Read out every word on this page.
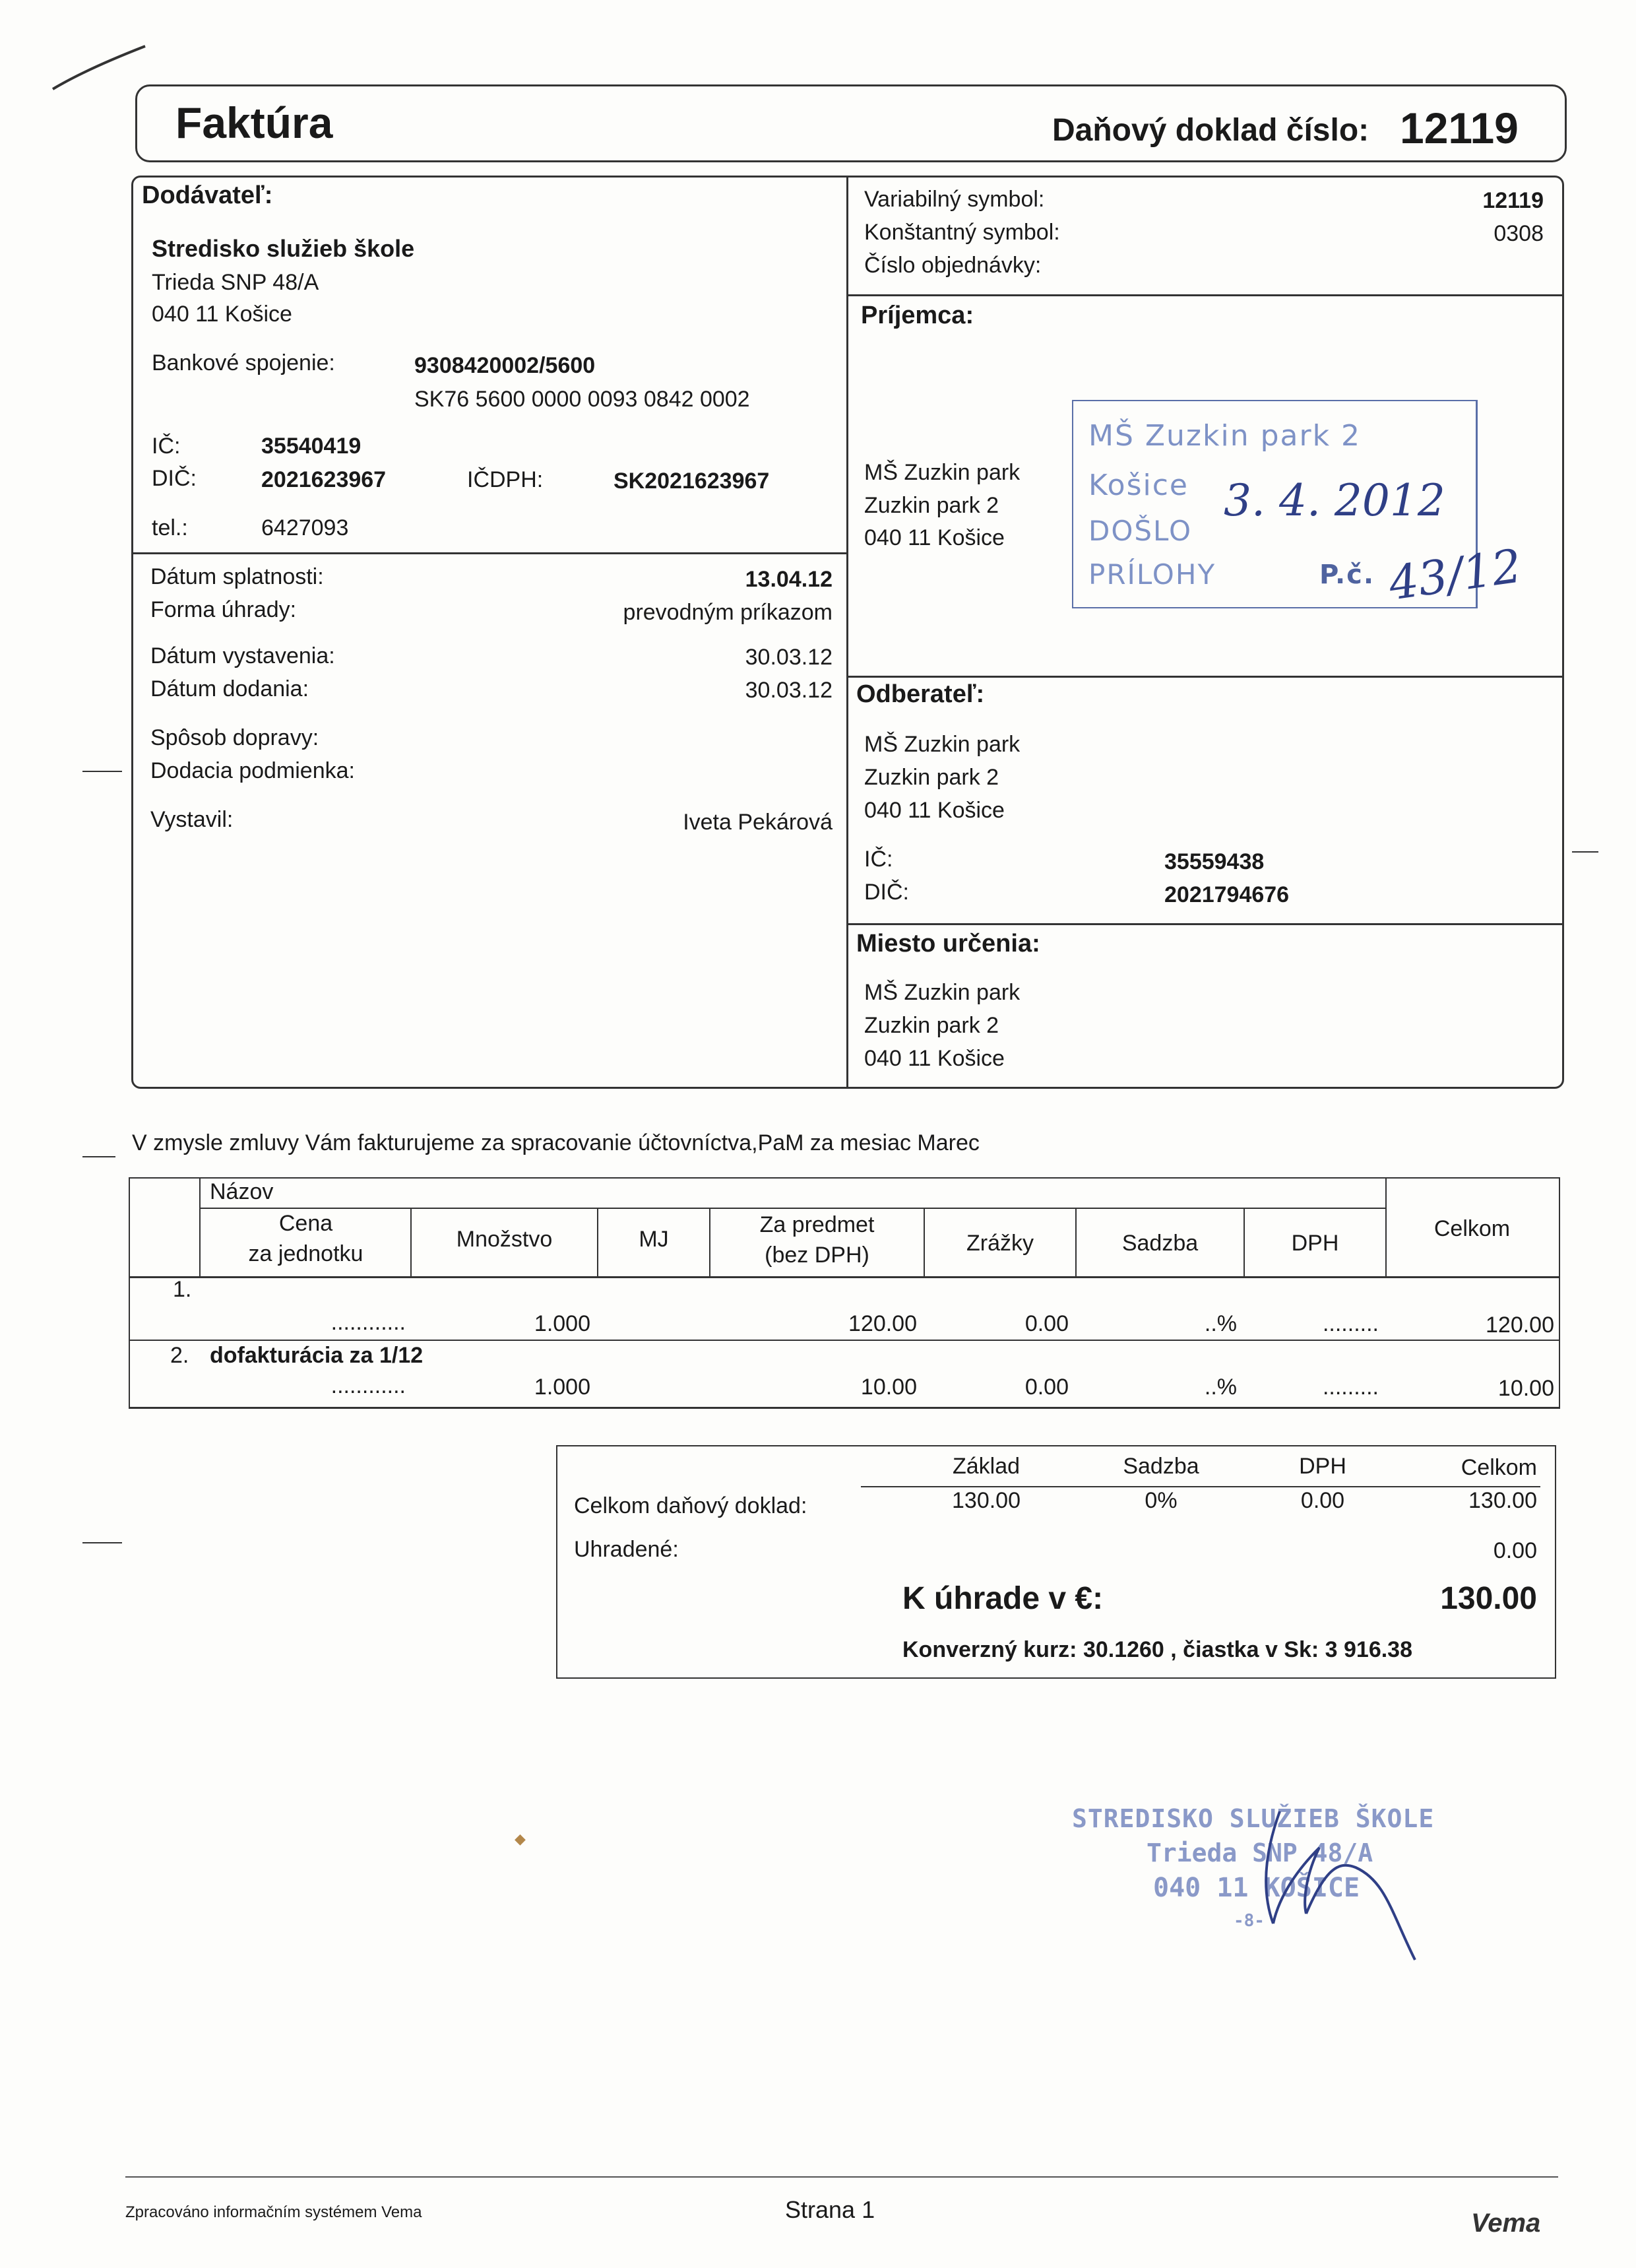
Faktúra	Daňový doklad číslo: 12119
Dodávateľ:
Stredisko služieb škole
Trieda SNP 48/A
040 11 Košice
Bankové spojenie:	9308420002/5600
SK76 5600 0000 0093 0842 0002
IČ:	35540419
DIČ:	2021623967	IČDPH:	SK2021623967
tel.:	6427093
Dátum splatnosti:	13.04.12
Forma úhrady:	prevodným príkazom
Dátum vystavenia:	30.03.12
Dátum dodania:	30.03.12
Spôsob dopravy:
Dodacia podmienka:
Vystavil:	Iveta Pekárová
Variabilný symbol:	12119
Konštantný symbol:	0308
Číslo objednávky:
Príjemca:
MŠ Zuzkin park
Zuzkin park 2
040 11 Košice
MŠ Zuzkin park 2
Košice
DOŠLO
PRÍLOHY	P.č.
3. 4. 2012
43/12
Odberateľ:
MŠ Zuzkin park
Zuzkin park 2
040 11 Košice
IČ:	35559438
DIČ:	2021794676
Miesto určenia:
MŠ Zuzkin park
Zuzkin park 2
040 11 Košice
V zmysle zmluvy Vám fakturujeme za spracovanie účtovníctva,PaM za mesiac Marec
Názov
Cena
za jednotku
Množstvo	MJ
Za predmet
(bez DPH)	Zrážky	Sadzba	DPH
Celkom
1.
............	1.000	120.00	0.00	..%	.........	120.00
2. dofakturácia za 1/12
............	1.000	10.00	0.00	..%	.........	10.00
Základ	Sadzba	DPH	Celkom
Celkom daňový doklad:	130.00	0%	0.00	130.00
Uhradené:	0.00
K úhrade v €:	130.00
Konverzný kurz: 30.1260 , čiastka v Sk: 3 916.38
◆
STREDISKO SLUŽIEB ŠKOLE
Trieda SNP 48/A
040 11 KOŠICE
-8-
Zpracováno informačním systémem Vema	Strana 1	Vema
